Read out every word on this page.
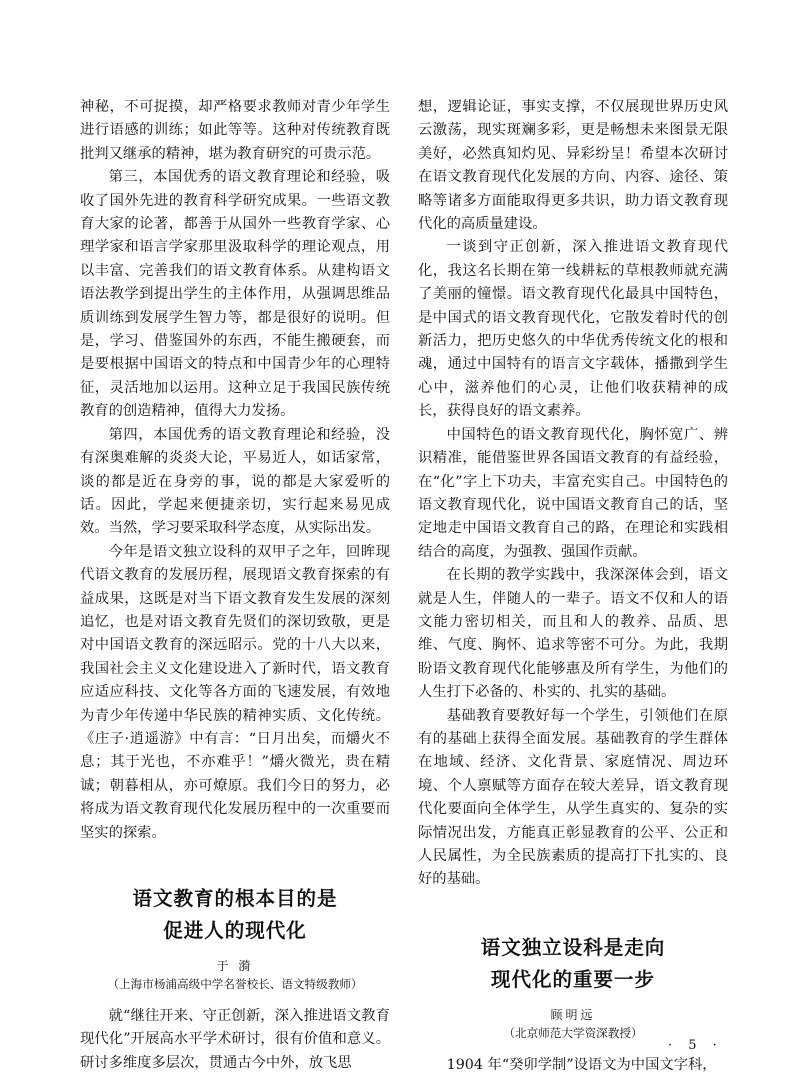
神秘，不可捉摸，却严格要求教师对青少年学生进行语感的训练；如此等等。这种对传统教育既批判又继承的精神，堪为教育研究的可贵示范。

第三，本国优秀的语文教育理论和经验，吸收了国外先进的教育科学研究成果。一些语文教育大家的论著，都善于从国外一些教育学家、心理学家和语言学家那里汲取科学的理论观点，用以丰富、完善我们的语文教育体系。从建构语文语法教学到提出学生的主体作用，从强调思维品质训练到发展学生智力等，都是很好的说明。但是，学习、借鉴国外的东西，不能生搬硬套，而是要根据中国语文的特点和中国青少年的心理特征，灵活地加以运用。这种立足于我国民族传统教育的创造精神，值得大力发扬。

第四，本国优秀的语文教育理论和经验，没有深奥难解的炎炎大论，平易近人，如话家常，谈的都是近在身旁的事，说的都是大家爱听的话。因此，学起来便捷亲切，实行起来易见成效。当然，学习要采取科学态度，从实际出发。

今年是语文独立设科的双甲子之年，回眸现代语文教育的发展历程，展现语文教育探索的有益成果，这既是对当下语文教育发生发展的深刻追忆，也是对语文教育先贤们的深切致敬，更是对中国语文教育的深远昭示。党的十八大以来，我国社会主义文化建设进入了新时代，语文教育应适应科技、文化等各方面的飞速发展，有效地为青少年传递中华民族的精神实质、文化传统。《庄子·逍遥游》中有言：“日月出矣，而爝火不息；其于光也，不亦难乎！”爝火微光，贵在精诚；朝暮相从，亦可燎原。我们今日的努力，必将成为语文教育现代化发展历程中的一次重要而坚实的探索。

语文教育的根本目的是

促进人的现代化

于 漪

（上海市杨浦高级中学名誉校长、语文特级教师）

就“继往开来、守正创新，深入推进语文教育现代化”开展高水平学术研讨，很有价值和意义。研讨多维度多层次，贯通古今中外，放飞思

想，逻辑论证，事实支撑，不仅展现世界历史风云激荡，现实斑斓多彩，更是畅想未来图景无限美好，必然真知灼见、异彩纷呈！希望本次研讨在语文教育现代化发展的方向、内容、途径、策略等诸多方面能取得更多共识，助力语文教育现代化的高质量建设。

一谈到守正创新，深入推进语文教育现代化，我这名长期在第一线耕耘的草根教师就充满了美丽的憧憬。语文教育现代化最具中国特色，是中国式的语文教育现代化，它散发着时代的创新活力，把历史悠久的中华优秀传统文化的根和魂，通过中国特有的语言文字载体，播撒到学生心中，滋养他们的心灵，让他们收获精神的成长，获得良好的语文素养。

中国特色的语文教育现代化，胸怀宽广、辨识精准，能借鉴世界各国语文教育的有益经验，在“化”字上下功夫，丰富充实自己。中国特色的语文教育现代化，说中国语文教育自己的话，坚定地走中国语文教育自己的路，在理论和实践相结合的高度，为强教、强国作贡献。

在长期的教学实践中，我深深体会到，语文就是人生，伴随人的一辈子。语文不仅和人的语文能力密切相关，而且和人的教养、品质、思维、气度、胸怀、追求等密不可分。为此，我期盼语文教育现代化能够惠及所有学生，为他们的人生打下必备的、朴实的、扎实的基础。

基础教育要教好每一个学生，引领他们在原有的基础上获得全面发展。基础教育的学生群体在地域、经济、文化背景、家庭情况、周边环境、个人禀赋等方面存在较大差异，语文教育现代化要面向全体学生，从学生真实的、复杂的实际情况出发，方能真正彰显教育的公平、公正和人民属性，为全民族素质的提高打下扎实的、良好的基础。

语文独立设科是走向

现代化的重要一步

顾明远

（北京师范大学资深教授）

1904 年“癸卯学制”设语文为中国文字科，

· 5 ·
